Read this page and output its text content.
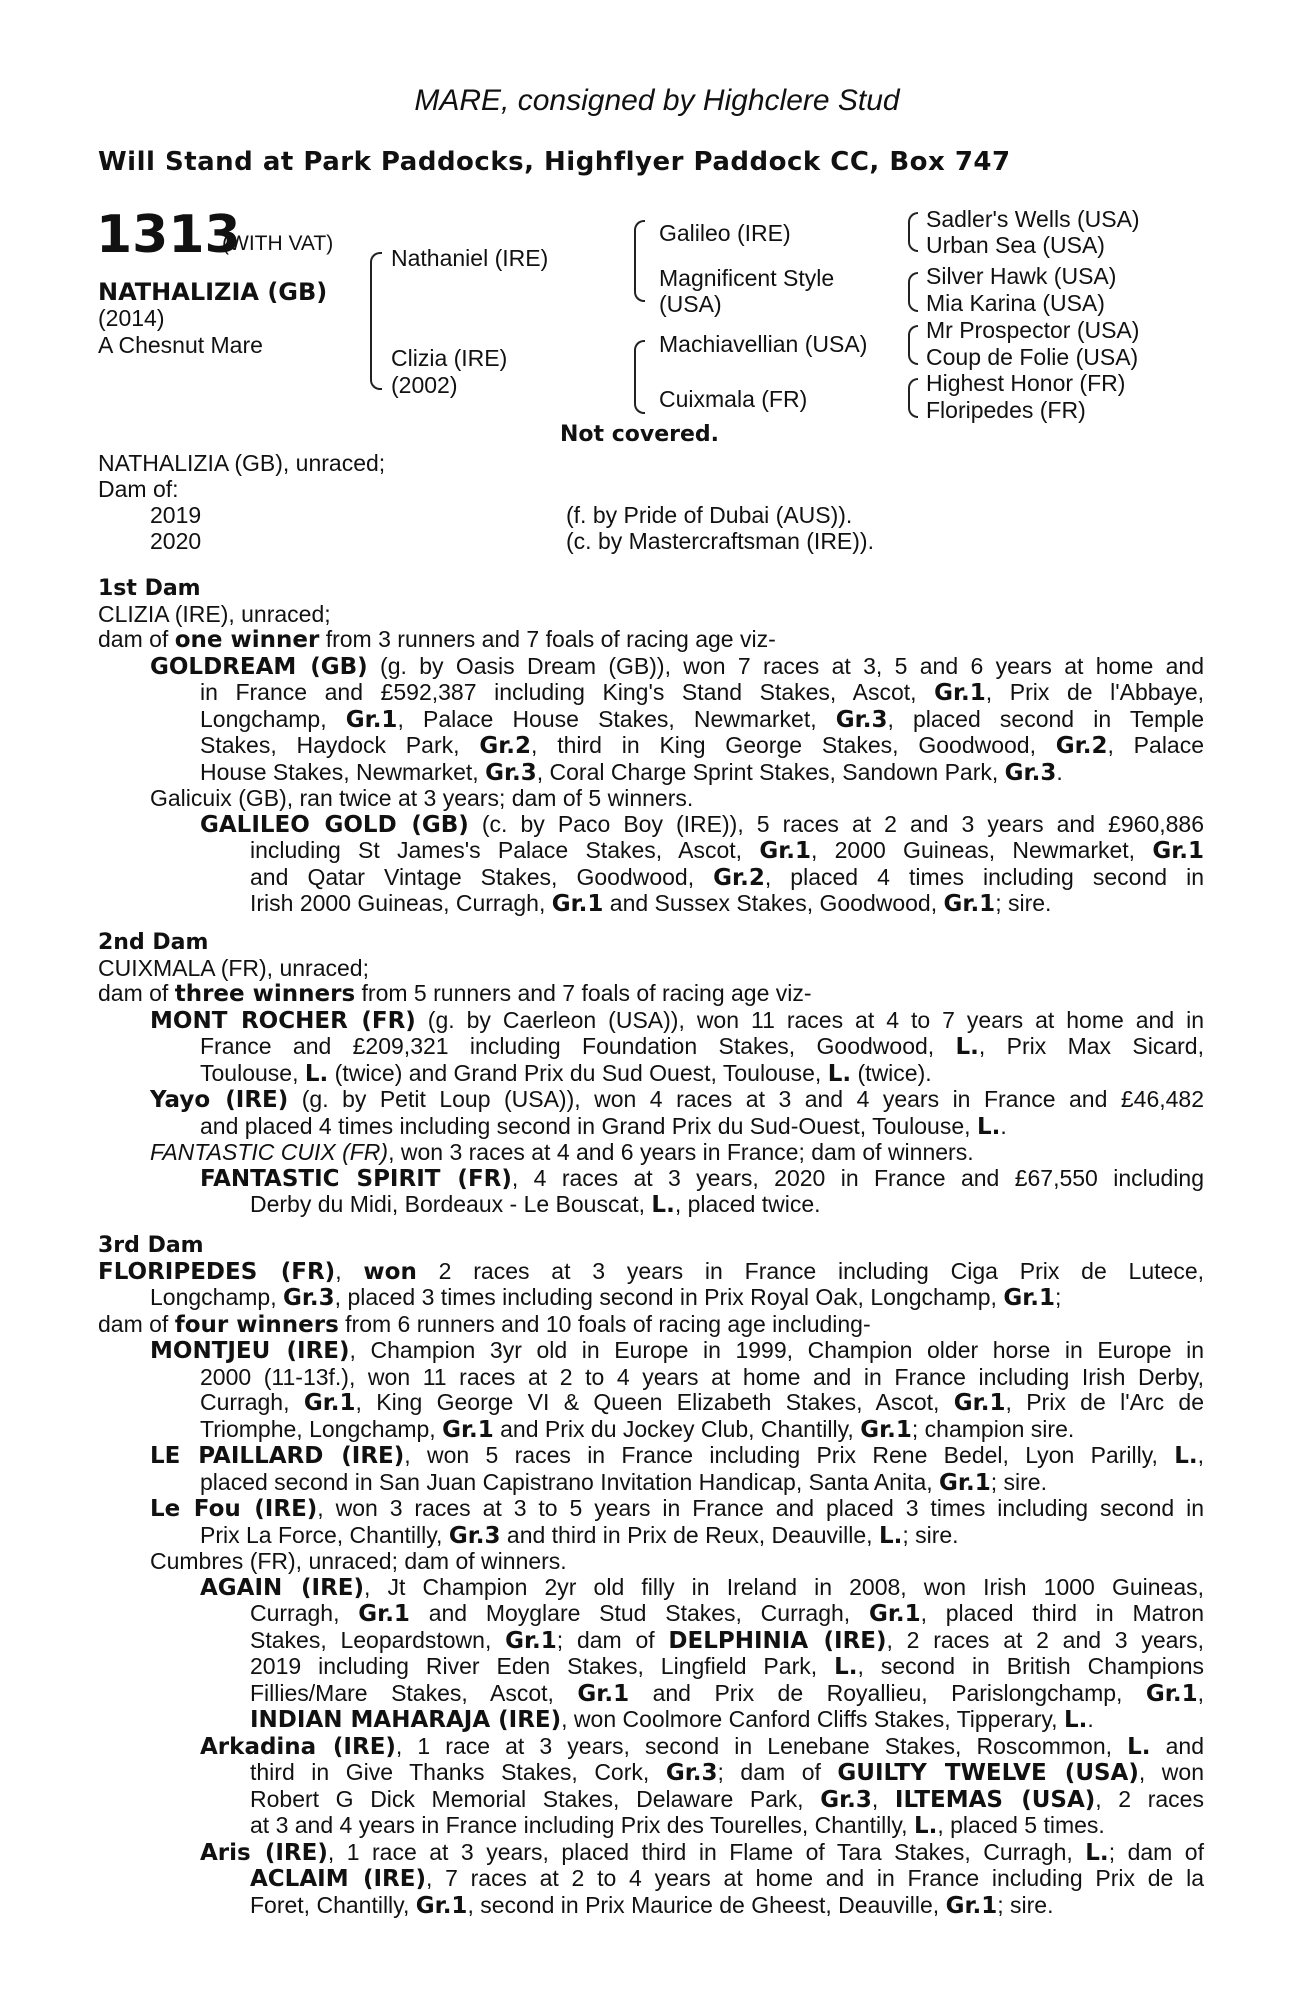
MARE, consigned by Highclere Stud
Will Stand at Park Paddocks, Highflyer Paddock CC, Box 747
1313
(WITH VAT)
NATHALIZIA (GB)
(2014)
A Chesnut Mare
Nathaniel (IRE)
Clizia (IRE)
(2002)
Galileo (IRE)
Magnificent Style
(USA)
Machiavellian (USA)
Cuixmala (FR)
Sadler's Wells (USA)
Urban Sea (USA)
Silver Hawk (USA)
Mia Karina (USA)
Mr Prospector (USA)
Coup de Folie (USA)
Highest Honor (FR)
Floripedes (FR)
Not covered.
NATHALIZIA (GB), unraced;
Dam of:
2019	(f. by Pride of Dubai (AUS)).
2020	(c. by Mastercraftsman (IRE)).
1st Dam
CLIZIA (IRE), unraced;
dam of one winner from 3 runners and 7 foals of racing age viz-
GOLDREAM (GB) (g. by Oasis Dream (GB)), won 7 races at 3, 5 and 6 years at home and
in France and £592,387 including King's Stand Stakes, Ascot, Gr.1, Prix de l'Abbaye,
Longchamp, Gr.1, Palace House Stakes, Newmarket, Gr.3, placed second in Temple
Stakes, Haydock Park, Gr.2, third in King George Stakes, Goodwood, Gr.2, Palace
House Stakes, Newmarket, Gr.3, Coral Charge Sprint Stakes, Sandown Park, Gr.3.
Galicuix (GB), ran twice at 3 years; dam of 5 winners.
GALILEO GOLD (GB) (c. by Paco Boy (IRE)), 5 races at 2 and 3 years and £960,886
including St James's Palace Stakes, Ascot, Gr.1, 2000 Guineas, Newmarket, Gr.1
and Qatar Vintage Stakes, Goodwood, Gr.2, placed 4 times including second in
Irish 2000 Guineas, Curragh, Gr.1 and Sussex Stakes, Goodwood, Gr.1; sire.
2nd Dam
CUIXMALA (FR), unraced;
dam of three winners from 5 runners and 7 foals of racing age viz-
MONT ROCHER (FR) (g. by Caerleon (USA)), won 11 races at 4 to 7 years at home and in
France and £209,321 including Foundation Stakes, Goodwood, L., Prix Max Sicard,
Toulouse, L. (twice) and Grand Prix du Sud Ouest, Toulouse, L. (twice).
Yayo (IRE) (g. by Petit Loup (USA)), won 4 races at 3 and 4 years in France and £46,482
and placed 4 times including second in Grand Prix du Sud-Ouest, Toulouse, L..
FANTASTIC CUIX (FR), won 3 races at 4 and 6 years in France; dam of winners.
FANTASTIC SPIRIT (FR), 4 races at 3 years, 2020 in France and £67,550 including
Derby du Midi, Bordeaux - Le Bouscat, L., placed twice.
3rd Dam
FLORIPEDES (FR), won 2 races at 3 years in France including Ciga Prix de Lutece,
Longchamp, Gr.3, placed 3 times including second in Prix Royal Oak, Longchamp, Gr.1;
dam of four winners from 6 runners and 10 foals of racing age including-
MONTJEU (IRE), Champion 3yr old in Europe in 1999, Champion older horse in Europe in
2000 (11-13f.), won 11 races at 2 to 4 years at home and in France including Irish Derby,
Curragh, Gr.1, King George VI & Queen Elizabeth Stakes, Ascot, Gr.1, Prix de l'Arc de
Triomphe, Longchamp, Gr.1 and Prix du Jockey Club, Chantilly, Gr.1; champion sire.
LE PAILLARD (IRE), won 5 races in France including Prix Rene Bedel, Lyon Parilly, L.,
placed second in San Juan Capistrano Invitation Handicap, Santa Anita, Gr.1; sire.
Le Fou (IRE), won 3 races at 3 to 5 years in France and placed 3 times including second in
Prix La Force, Chantilly, Gr.3 and third in Prix de Reux, Deauville, L.; sire.
Cumbres (FR), unraced; dam of winners.
AGAIN (IRE), Jt Champion 2yr old filly in Ireland in 2008, won Irish 1000 Guineas,
Curragh, Gr.1 and Moyglare Stud Stakes, Curragh, Gr.1, placed third in Matron
Stakes, Leopardstown, Gr.1; dam of DELPHINIA (IRE), 2 races at 2 and 3 years,
2019 including River Eden Stakes, Lingfield Park, L., second in British Champions
Fillies/Mare Stakes, Ascot, Gr.1 and Prix de Royallieu, Parislongchamp, Gr.1,
INDIAN MAHARAJA (IRE), won Coolmore Canford Cliffs Stakes, Tipperary, L..
Arkadina (IRE), 1 race at 3 years, second in Lenebane Stakes, Roscommon, L. and
third in Give Thanks Stakes, Cork, Gr.3; dam of GUILTY TWELVE (USA), won
Robert G Dick Memorial Stakes, Delaware Park, Gr.3, ILTEMAS (USA), 2 races
at 3 and 4 years in France including Prix des Tourelles, Chantilly, L., placed 5 times.
Aris (IRE), 1 race at 3 years, placed third in Flame of Tara Stakes, Curragh, L.; dam of
ACLAIM (IRE), 7 races at 2 to 4 years at home and in France including Prix de la
Foret, Chantilly, Gr.1, second in Prix Maurice de Gheest, Deauville, Gr.1; sire.
